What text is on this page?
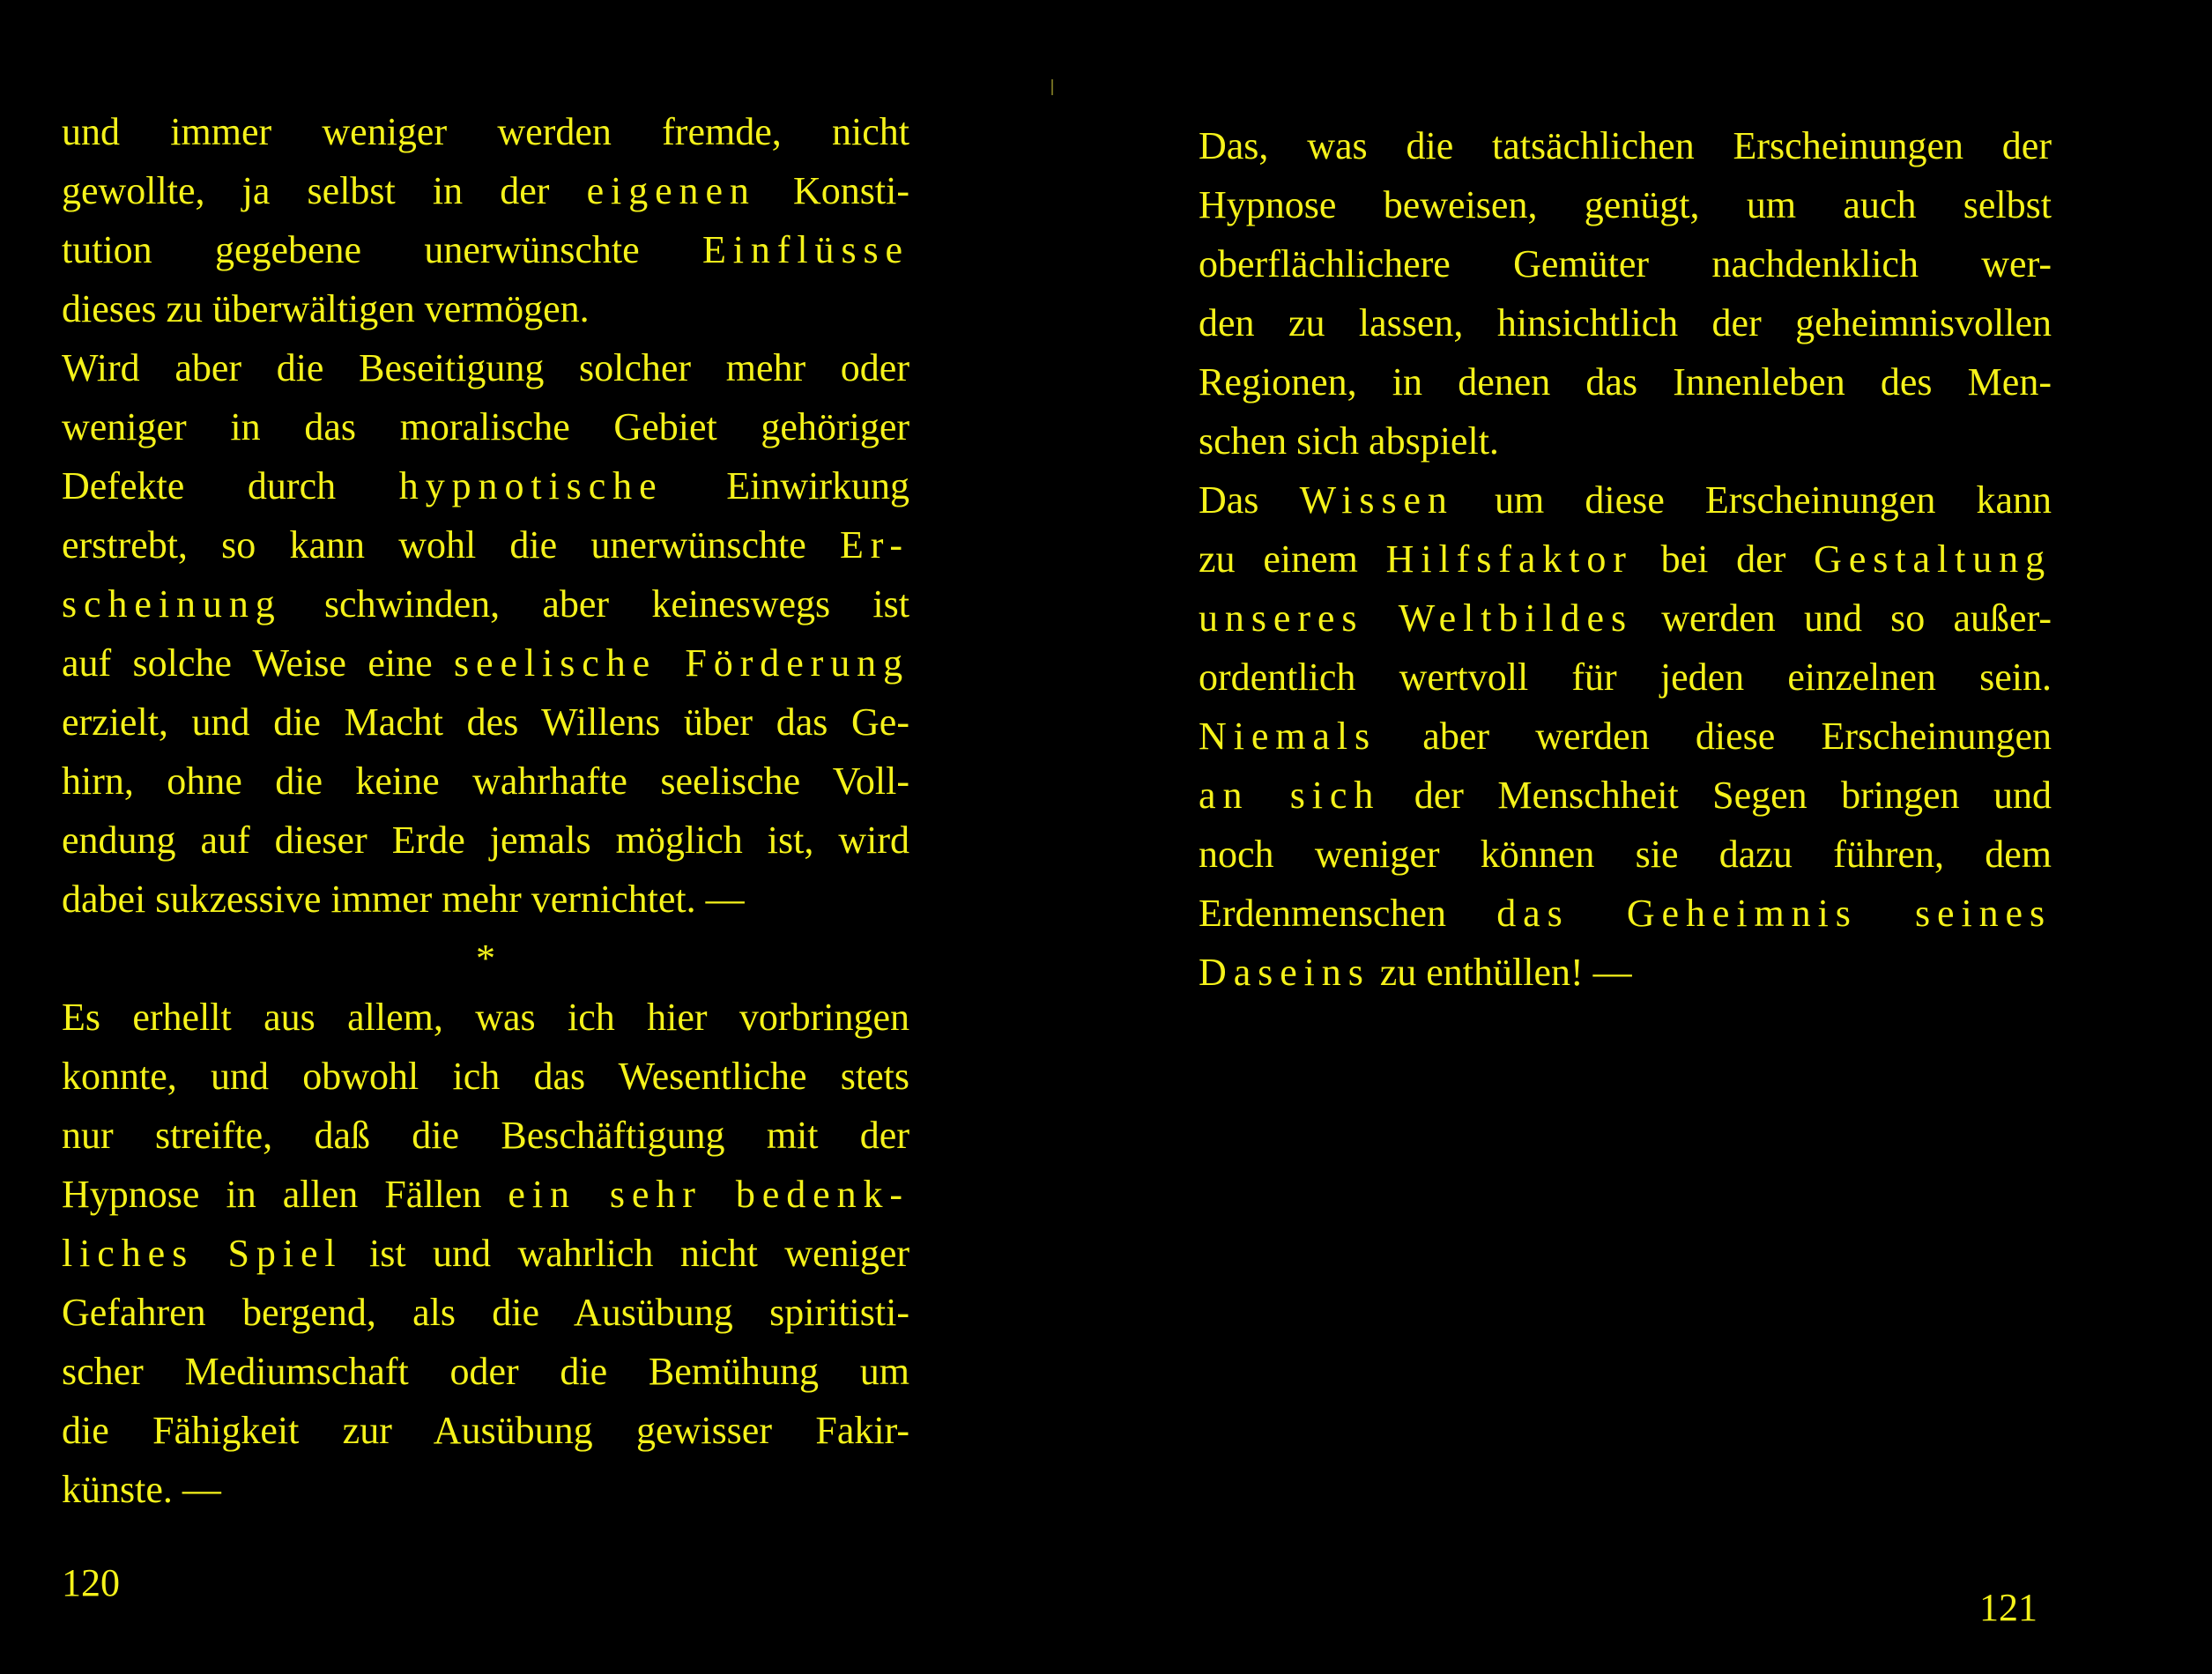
und immer weniger werden fremde, nicht
gewollte, ja selbst in der eigenen Konsti-
tution gegebene unerwünschte Einflüsse
dieses zu überwältigen vermögen.
Wird aber die Beseitigung solcher mehr oder
weniger in das moralische Gebiet gehöriger
Defekte durch hypnotische Einwirkung
erstrebt, so kann wohl die unerwünschte Er-
scheinung schwinden, aber keineswegs ist
auf solche Weise eine seelische Förderung
erzielt, und die Macht des Willens über das Ge-
hirn, ohne die keine wahrhafte seelische Voll-
endung auf dieser Erde jemals möglich ist, wird
dabei sukzessive immer mehr vernichtet. —
*
Es erhellt aus allem, was ich hier vorbringen
konnte, und obwohl ich das Wesentliche stets
nur streifte, daß die Beschäftigung mit der
Hypnose in allen Fällen ein sehr bedenk-
liches Spiel ist und wahrlich nicht weniger
Gefahren bergend, als die Ausübung spiritisti-
scher Mediumschaft oder die Bemühung um
die Fähigkeit zur Ausübung gewisser Fakir-
künste. —
Das, was die tatsächlichen Erscheinungen der
Hypnose beweisen, genügt, um auch selbst
oberflächlichere Gemüter nachdenklich wer-
den zu lassen, hinsichtlich der geheimnisvollen
Regionen, in denen das Innenleben des Men-
schen sich abspielt.
Das Wissen um diese Erscheinungen kann
zu einem Hilfsfaktor bei der Gestaltung
unseres Weltbildes werden und so außer-
ordentlich wertvoll für jeden einzelnen sein.
Niemals aber werden diese Erscheinungen
an sich der Menschheit Segen bringen und
noch weniger können sie dazu führen, dem
Erdenmenschen das Geheimnis seines
Daseins zu enthüllen! —
120
121
